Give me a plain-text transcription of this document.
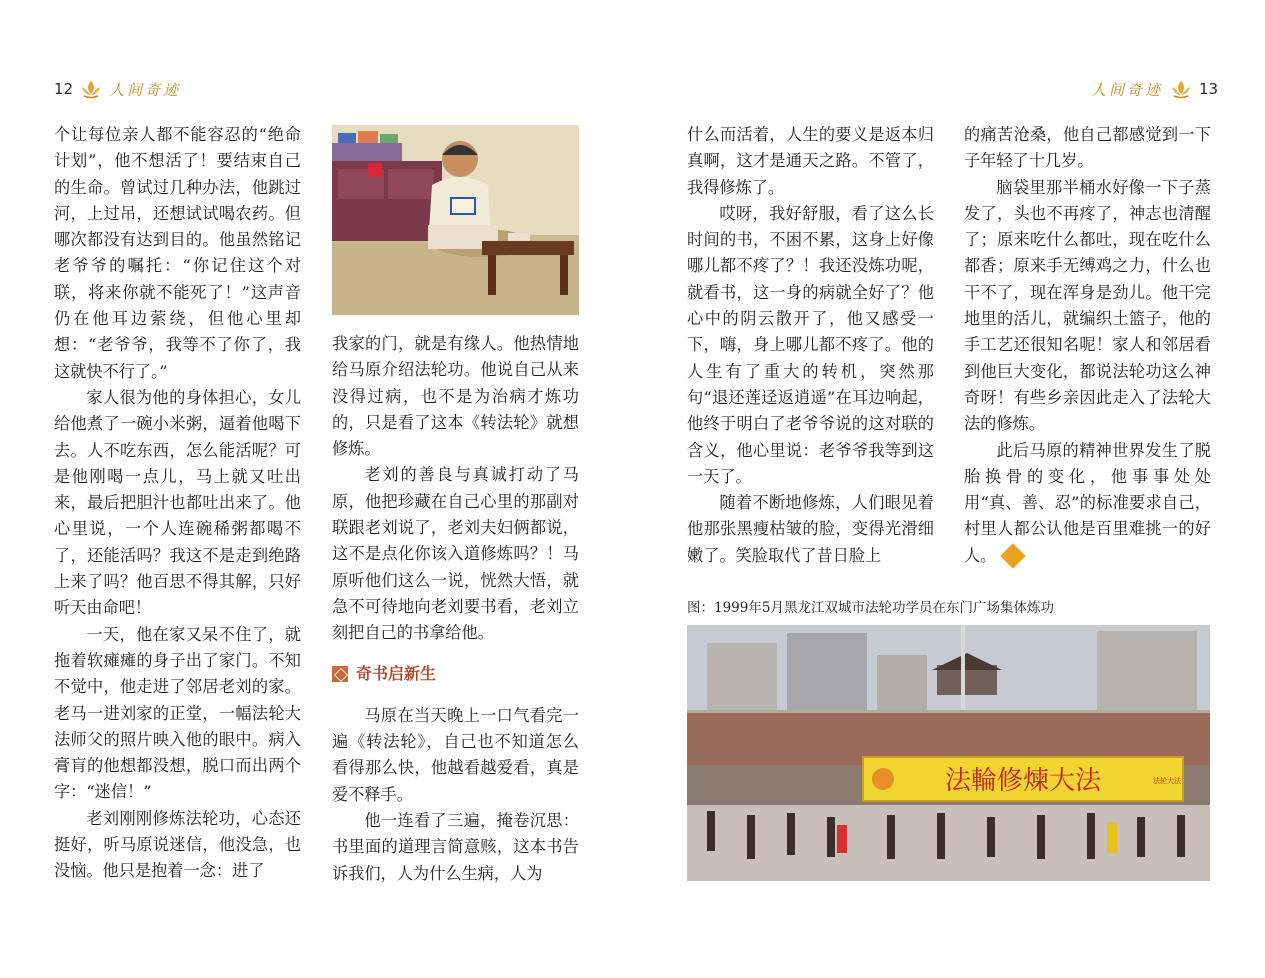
12 人间奇迹

个让每位亲人都不能容忍的“绝命计划”，他不想活了！要结束自己的生命。曾试过几种办法，他跳过河，上过吊，还想试试喝农药。但哪次都没有达到目的。他虽然铭记老爷爷的嘱托：“你记住这个对联，将来你就不能死了！”这声音仍在他耳边萦绕，但他心里却想：“老爷爷，我等不了你了，我这就快不行了。”

家人很为他的身体担心，女儿给他煮了一碗小米粥，逼着他喝下去。人不吃东西，怎么能活呢？可是他刚喝一点儿，马上就又吐出来，最后把胆汁也都吐出来了。他心里说，一个人连碗稀粥都喝不了，还能活吗？我这不是走到绝路上来了吗？他百思不得其解，只好听天由命吧！

一天，他在家又呆不住了，就拖着软瘫瘫的身子出了家门。不知不觉中，他走进了邻居老刘的家。老马一进刘家的正堂，一幅法轮大法师父的照片映入他的眼中。病入膏肓的他想都没想，脱口而出两个字：“迷信！”

老刘刚刚修炼法轮功，心态还挺好，听马原说迷信，他没急，也没恼。他只是抱着一念：进了

我家的门，就是有缘人。他热情地给马原介绍法轮功。他说自己从来没得过病，也不是为治病才炼功的，只是看了这本《转法轮》就想修炼。

老刘的善良与真诚打动了马原，他把珍藏在自己心里的那副对联跟老刘说了，老刘夫妇俩都说，这不是点化你该入道修炼吗？！马原听他们这么一说，恍然大悟，就急不可待地向老刘要书看，老刘立刻把自己的书拿给他。

奇书启新生

马原在当天晚上一口气看完一遍《转法轮》，自己也不知道怎么看得那么快，他越看越爱看，真是爱不释手。

他一连看了三遍，掩卷沉思：书里面的道理言简意赅，这本书告诉我们，人为什么生病，人为

人间奇迹 13

什么而活着，人生的要义是返本归真啊，这才是通天之路。不管了，我得修炼了。

哎呀，我好舒服，看了这么长时间的书，不困不累，这身上好像哪儿都不疼了？！我还没炼功呢，就看书，这一身的病就全好了？他心中的阴云散开了，他又感受一下，嗨，身上哪儿都不疼了。他的人生有了重大的转机，突然那句“退还莲迳返逍遥”在耳边响起，他终于明白了老爷爷说的这对联的含义，他心里说：老爷爷我等到这一天了。

随着不断地修炼，人们眼见着他那张黑瘦枯皱的脸，变得光滑细嫩了。笑脸取代了昔日脸上

的痛苦沧桑，他自己都感觉到一下子年轻了十几岁。

脑袋里那半桶水好像一下子蒸发了，头也不再疼了，神志也清醒了；原来吃什么都吐，现在吃什么都香；原来手无缚鸡之力，什么也干不了，现在浑身是劲儿。他干完地里的活儿，就编织土篮子，他的手工艺还很知名呢！家人和邻居看到他巨大变化，都说法轮功这么神奇呀！有些乡亲因此走入了法轮大法的修炼。

此后马原的精神世界发生了脱胎换骨的变化，他事事处处用“真、善、忍”的标准要求自己，村里人都公认他是百里难挑一的好人。福

图：1999年5月黑龙江双城市法轮功学员在东门广场集体炼功
法輪修煉大法	法轮大法
